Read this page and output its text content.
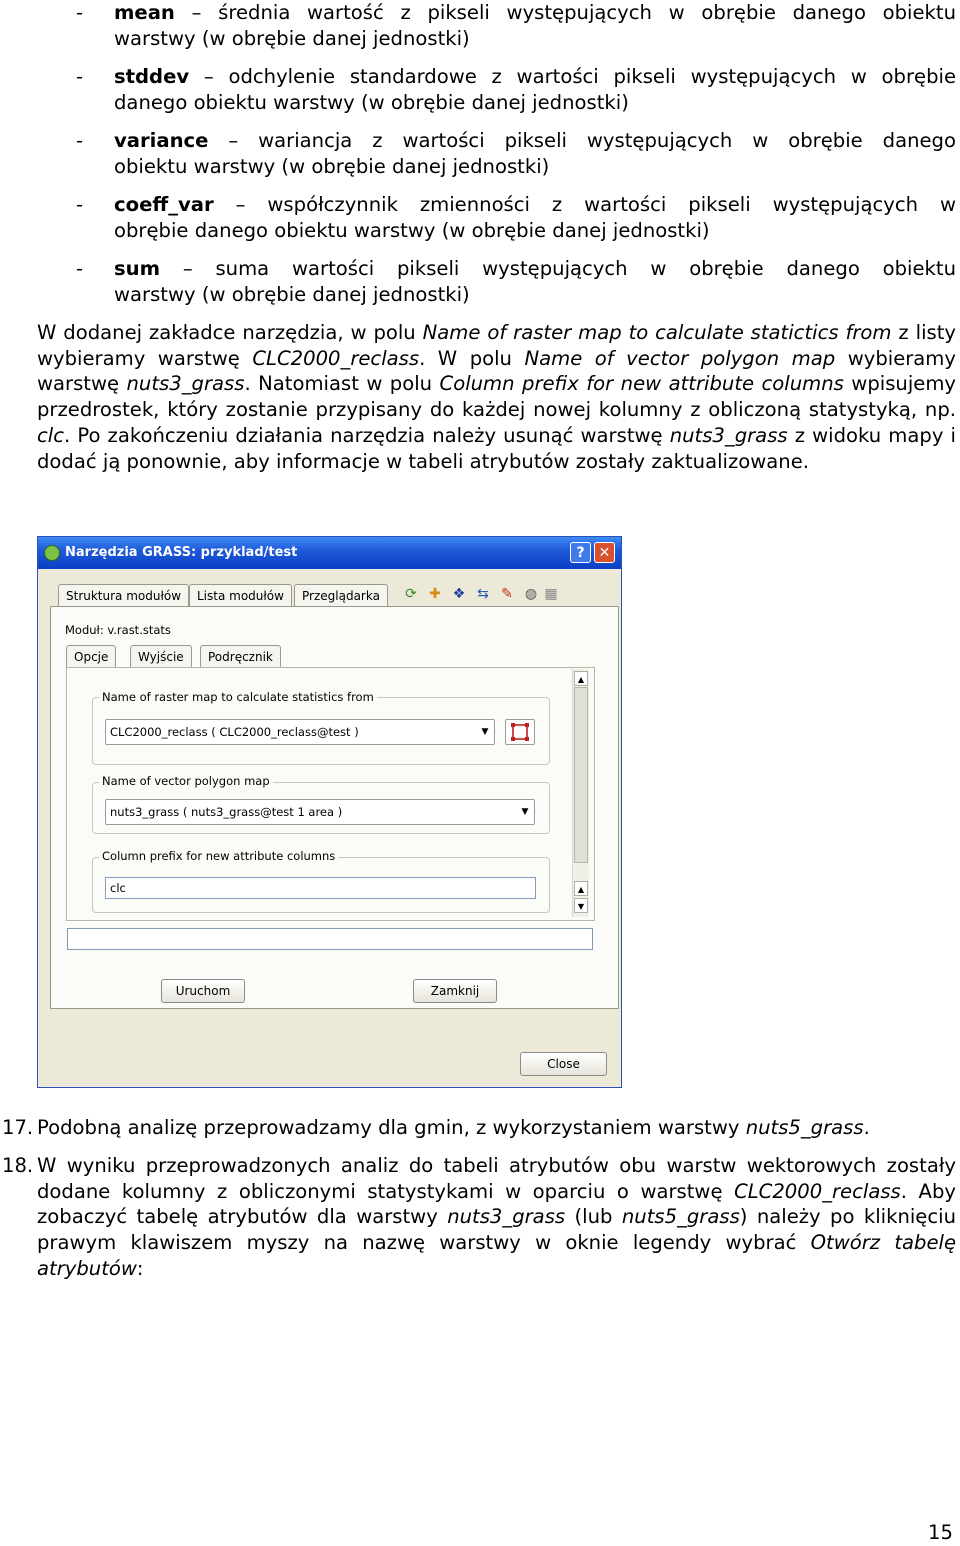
- mean – średnia wartość z pikseli występujących w obrębie danego obiektu
warstwy (w obrębie danej jednostki)
- stddev – odchylenie standardowe z wartości pikseli występujących w obrębie
danego obiektu warstwy (w obrębie danej jednostki)
- variance – wariancja z wartości pikseli występujących w obrębie danego
obiektu warstwy (w obrębie danej jednostki)
- coeff_var – współczynnik zmienności z wartości pikseli występujących w
obrębie danego obiektu warstwy (w obrębie danej jednostki)
- sum – suma wartości pikseli występujących w obrębie danego obiektu
warstwy (w obrębie danej jednostki)
W dodanej zakładce narzędzia, w polu Name of raster map to calculate statictics from z listy wybieramy warstwę CLC2000_reclass. W polu Name of vector polygon map wybieramy warstwę nuts3_grass. Natomiast w polu Column prefix for new attribute columns wpisujemy przedrostek, który zostanie przypisany do każdej nowej kolumny z obliczoną statystyką, np. clc. Po zakończeniu działania narzędzia należy usunąć warstwę nuts3_grass z widoku mapy i dodać ją ponownie, aby informacje w tabeli atrybutów zostały zaktualizowane.
Narzędzia GRASS: przyklad/test	?	✕
Struktura modułów	Lista modułów	Przeglądarka	⟳ ✚ ❖ ⇆ ✎ ◍ ▦
Moduł: v.rast.stats
Opcje	Wyjście	Podręcznik
Name of raster map to calculate statistics from
CLC2000_reclass ( CLC2000_reclass@test )	▼
Name of vector polygon map
nuts3_grass ( nuts3_grass@test 1 area )	▼
Column prefix for new attribute columns
clc
▲
▲
▼
Uruchom	Zamknij
Close
17. Podobną analizę przeprowadzamy dla gmin, z wykorzystaniem warstwy nuts5_grass.
18. W wyniku przeprowadzonych analiz do tabeli atrybutów obu warstw wektorowych zostały dodane kolumny z obliczonymi statystykami w oparciu o warstwę CLC2000_reclass. Aby zobaczyć tabelę atrybutów dla warstwy nuts3_grass (lub nuts5_grass) należy po kliknięciu prawym klawiszem myszy na nazwę warstwy w oknie legendy wybrać Otwórz tabelę atrybutów:
15
